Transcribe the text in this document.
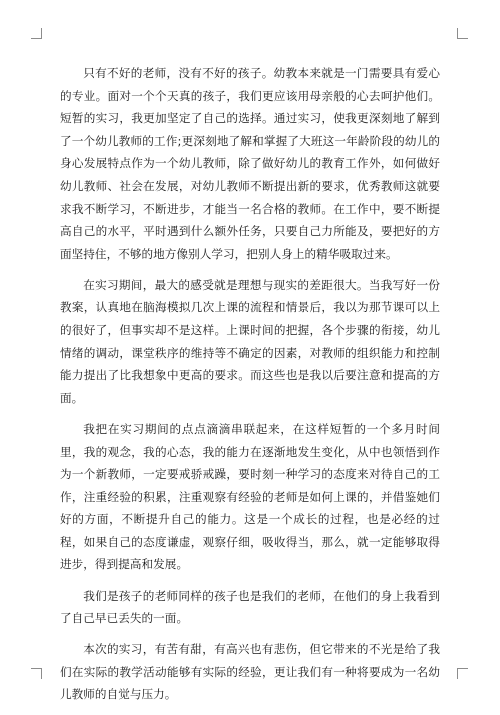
只有不好的老师，没有不好的孩子。幼教本来就是一门需要具有爱心的专业。面对一个个天真的孩子，我们更应该用母亲般的心去呵护他们。短暂的实习，我更加坚定了自己的选择。通过实习，使我更深刻地了解到了一个幼儿教师的工作;更深刻地了解和掌握了大班这一年龄阶段的幼儿的身心发展特点作为一个幼儿教师，除了做好幼儿的教育工作外，如何做好幼儿教师、社会在发展，对幼儿教师不断提出新的要求，优秀教师这就要求我不断学习，不断进步，才能当一名合格的教师。在工作中，要不断提高自己的水平，平时遇到什么额外任务，只要自己力所能及，要把好的方面坚持住，不够的地方像别人学习，把别人身上的精华吸取过来。

在实习期间，最大的感受就是理想与现实的差距很大。当我写好一份教案，认真地在脑海模拟几次上课的流程和情景后，我以为那节课可以上的很好了，但事实却不是这样。上课时间的把握，各个步骤的衔接，幼儿情绪的调动，课堂秩序的维持等不确定的因素，对教师的组织能力和控制能力提出了比我想象中更高的要求。而这些也是我以后要注意和提高的方面。

我把在实习期间的点点滴滴串联起来，在这样短暂的一个多月时间里，我的观念，我的心态，我的能力在逐渐地发生变化，从中也领悟到作为一个新教师，一定要戒骄戒躁，要时刻一种学习的态度来对待自己的工作，注重经验的积累，注重观察有经验的老师是如何上课的，并借鉴她们好的方面，不断提升自己的能力。这是一个成长的过程，也是必经的过程，如果自己的态度谦虚，观察仔细，吸收得当，那么，就一定能够取得进步，得到提高和发展。

我们是孩子的老师同样的孩子也是我们的老师，在他们的身上我看到了自己早已丢失的一面。

本次的实习，有苦有甜，有高兴也有悲伤，但它带来的不光是给了我们在实际的教学活动能够有实际的经验，更让我们有一种将要成为一名幼儿教师的自觉与压力。
